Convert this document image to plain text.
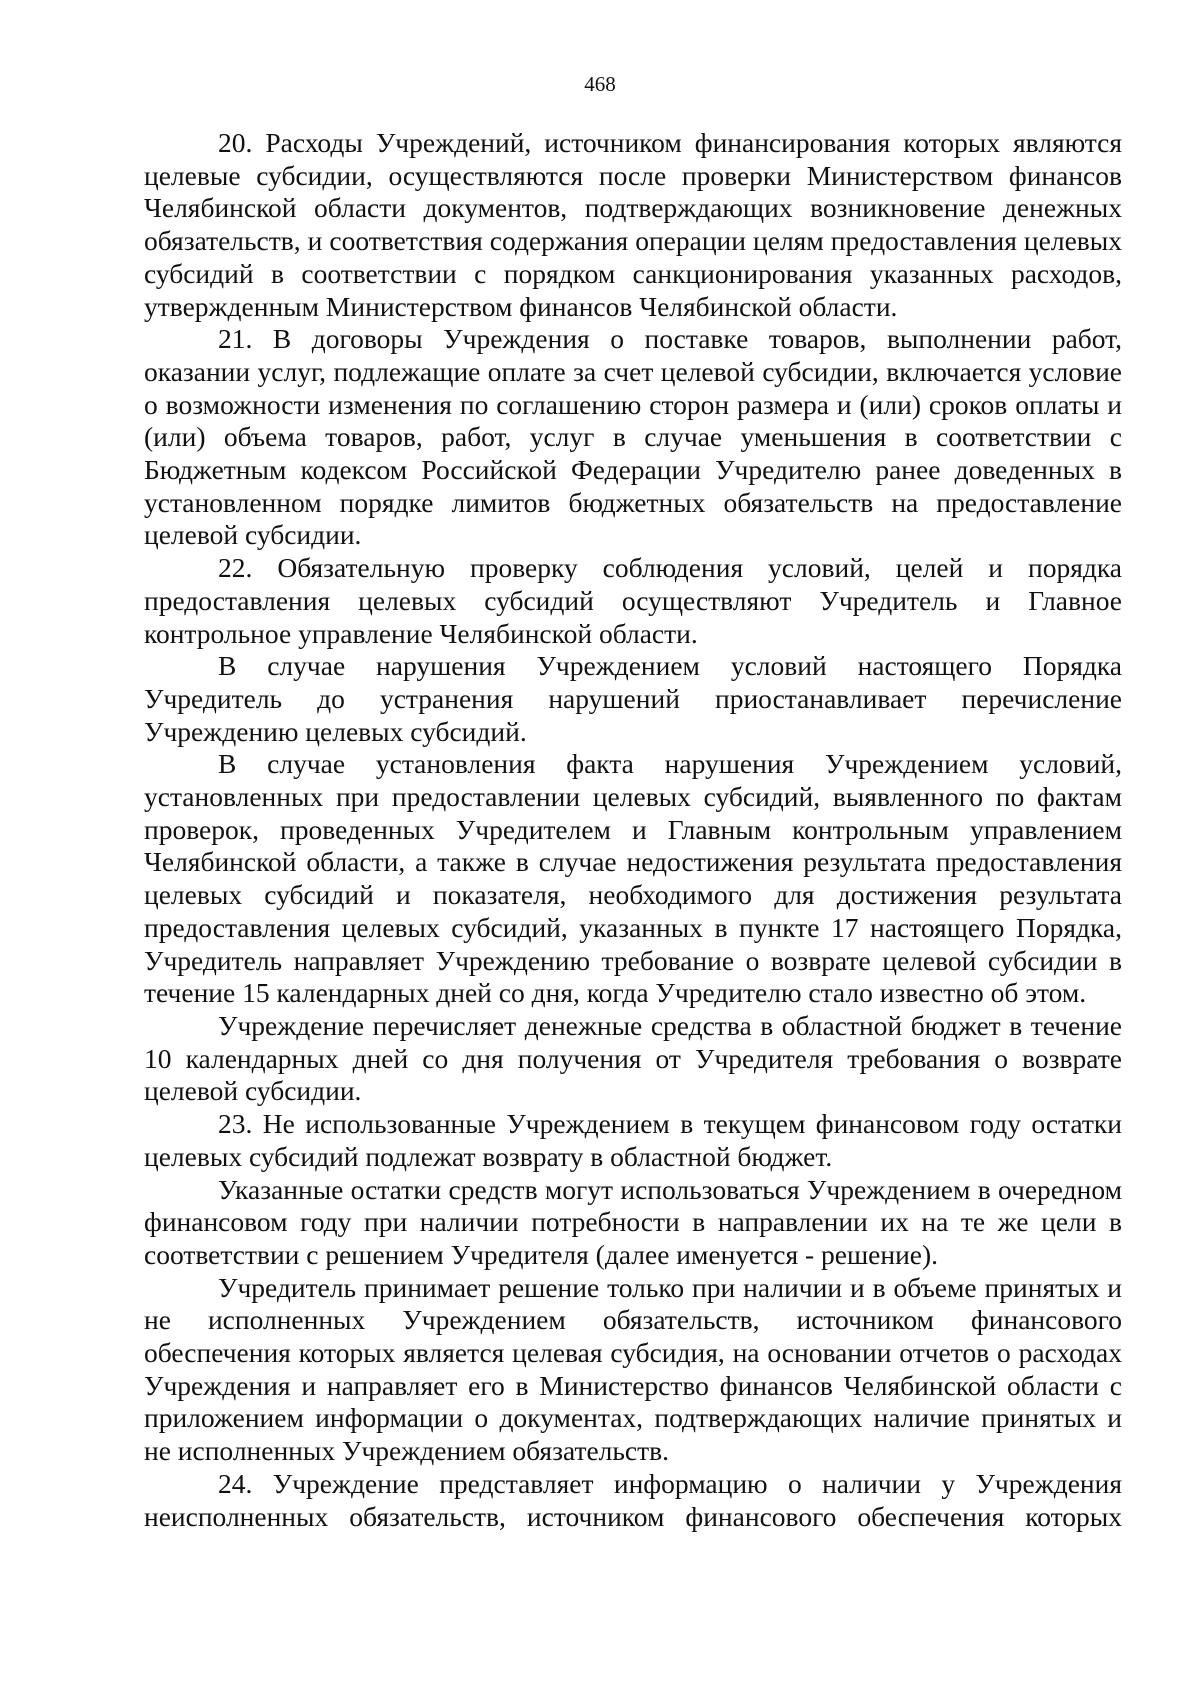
468

20. Расходы Учреждений, источником финансирования которых являются целевые субсидии, осуществляются после проверки Министерством финансов Челябинской области документов, подтверждающих возникновение денежных обязательств, и соответствия содержания операции целям предоставления целевых субсидий в соответствии с порядком санкционирования указанных расходов, утвержденным Министерством финансов Челябинской области.

21. В договоры Учреждения о поставке товаров, выполнении работ, оказании услуг, подлежащие оплате за счет целевой субсидии, включается условие о возможности изменения по соглашению сторон размера и (или) сроков оплаты и (или) объема товаров, работ, услуг в случае уменьшения в соответствии с Бюджетным кодексом Российской Федерации Учредителю ранее доведенных в установленном порядке лимитов бюджетных обязательств на предоставление целевой субсидии.

22. Обязательную проверку соблюдения условий, целей и порядка предоставления целевых субсидий осуществляют Учредитель и Главное контрольное управление Челябинской области.

В случае нарушения Учреждением условий настоящего Порядка Учредитель до устранения нарушений приостанавливает перечисление Учреждению целевых субсидий.

В случае установления факта нарушения Учреждением условий, установленных при предоставлении целевых субсидий, выявленного по фактам проверок, проведенных Учредителем и Главным контрольным управлением Челябинской области, а также в случае недостижения результата предоставления целевых субсидий и показателя, необходимого для достижения результата предоставления целевых субсидий, указанных в пункте 17 настоящего Порядка, Учредитель направляет Учреждению требование о возврате целевой субсидии в течение 15 календарных дней со дня, когда Учредителю стало известно об этом.

Учреждение перечисляет денежные средства в областной бюджет в течение 10 календарных дней со дня получения от Учредителя требования о возврате целевой субсидии.

23. Не использованные Учреждением в текущем финансовом году остатки целевых субсидий подлежат возврату в областной бюджет.

Указанные остатки средств могут использоваться Учреждением в очередном финансовом году при наличии потребности в направлении их на те же цели в соответствии с решением Учредителя (далее именуется - решение).

Учредитель принимает решение только при наличии и в объеме принятых и не исполненных Учреждением обязательств, источником финансового обеспечения которых является целевая субсидия, на основании отчетов о расходах Учреждения и направляет его в Министерство финансов Челябинской области с приложением информации о документах, подтверждающих наличие принятых и не исполненных Учреждением обязательств.

24. Учреждение представляет информацию о наличии у Учреждения неисполненных обязательств, источником финансового обеспечения которых
